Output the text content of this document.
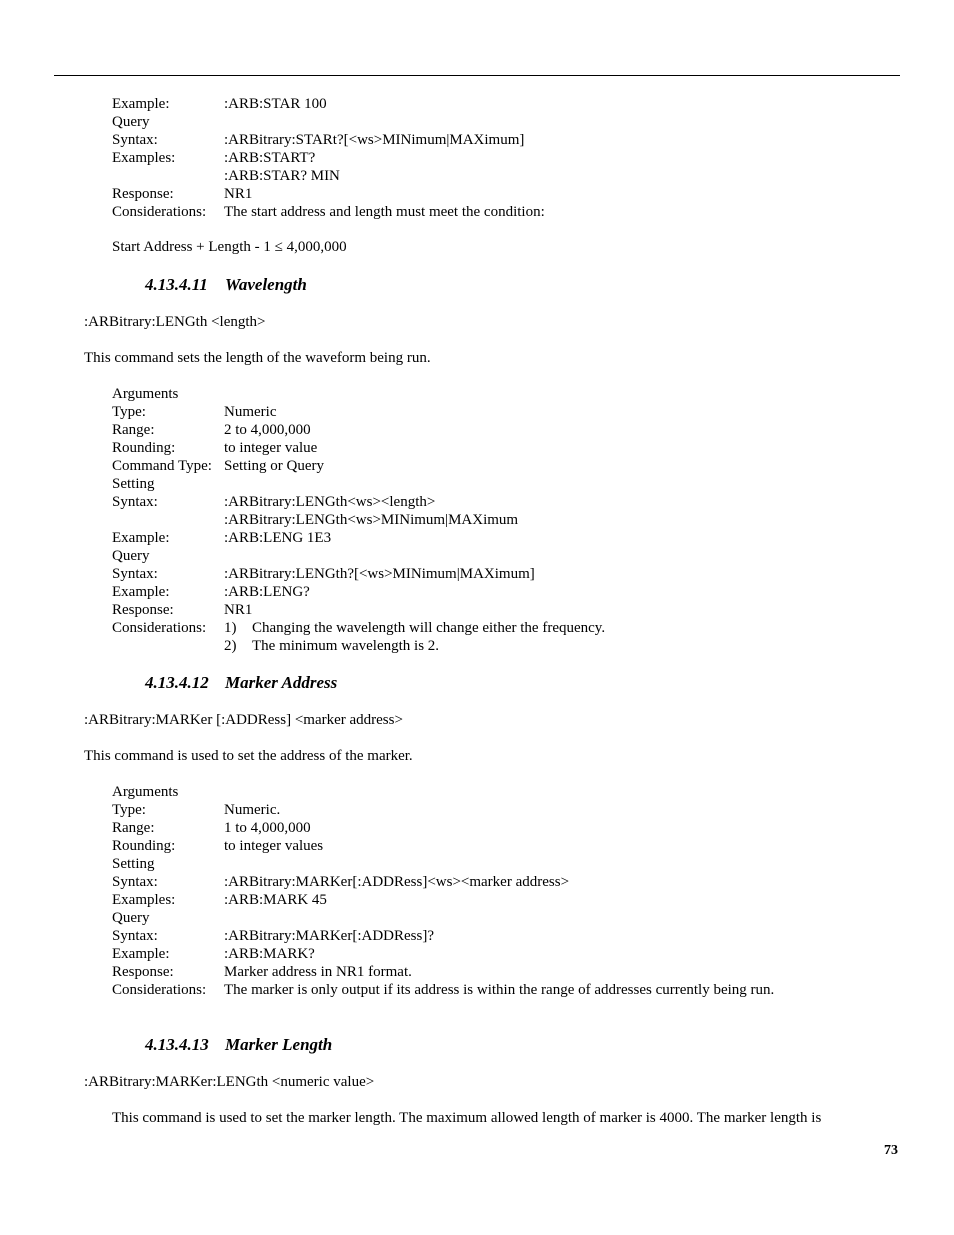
Example:	:ARB:STAR 100
Query
Syntax:	:ARBitrary:STARt?[<ws>MINimum|MAXimum]
Examples:	:ARB:START?
:ARB:STAR? MIN
Response:	NR1
Considerations: The start address and length must meet the condition:
Start Address + Length - 1 ≤ 4,000,000
4.13.4.11 Wavelength
:ARBitrary:LENGth <length>
This command sets the length of the waveform being run.
Arguments
Type:	Numeric
Range:	2 to 4,000,000
Rounding:	to integer value
Command Type: Setting or Query
Setting
Syntax:	:ARBitrary:LENGth<ws><length>
:ARBitrary:LENGth<ws>MINimum|MAXimum
Example:	:ARB:LENG 1E3
Query
Syntax:	:ARBitrary:LENGth?[<ws>MINimum|MAXimum]
Example:	:ARB:LENG?
Response:	NR1
Considerations: 1) Changing the wavelength will change either the frequency.
2) The minimum wavelength is 2.
4.13.4.12 Marker Address
:ARBitrary:MARKer [:ADDRess] <marker address>
This command is used to set the address of the marker.
Arguments
Type:	Numeric.
Range:	1 to 4,000,000
Rounding:	to integer values
Setting
Syntax:	:ARBitrary:MARKer[:ADDRess]<ws><marker address>
Examples:	:ARB:MARK 45
Query
Syntax:	:ARBitrary:MARKer[:ADDRess]?
Example:	:ARB:MARK?
Response:	Marker address in NR1 format.
Considerations: The marker is only output if its address is within the range of addresses currently being run.
4.13.4.13 Marker Length
:ARBitrary:MARKer:LENGth <numeric value>
This command is used to set the marker length. The maximum allowed length of marker is 4000. The marker length is
73
